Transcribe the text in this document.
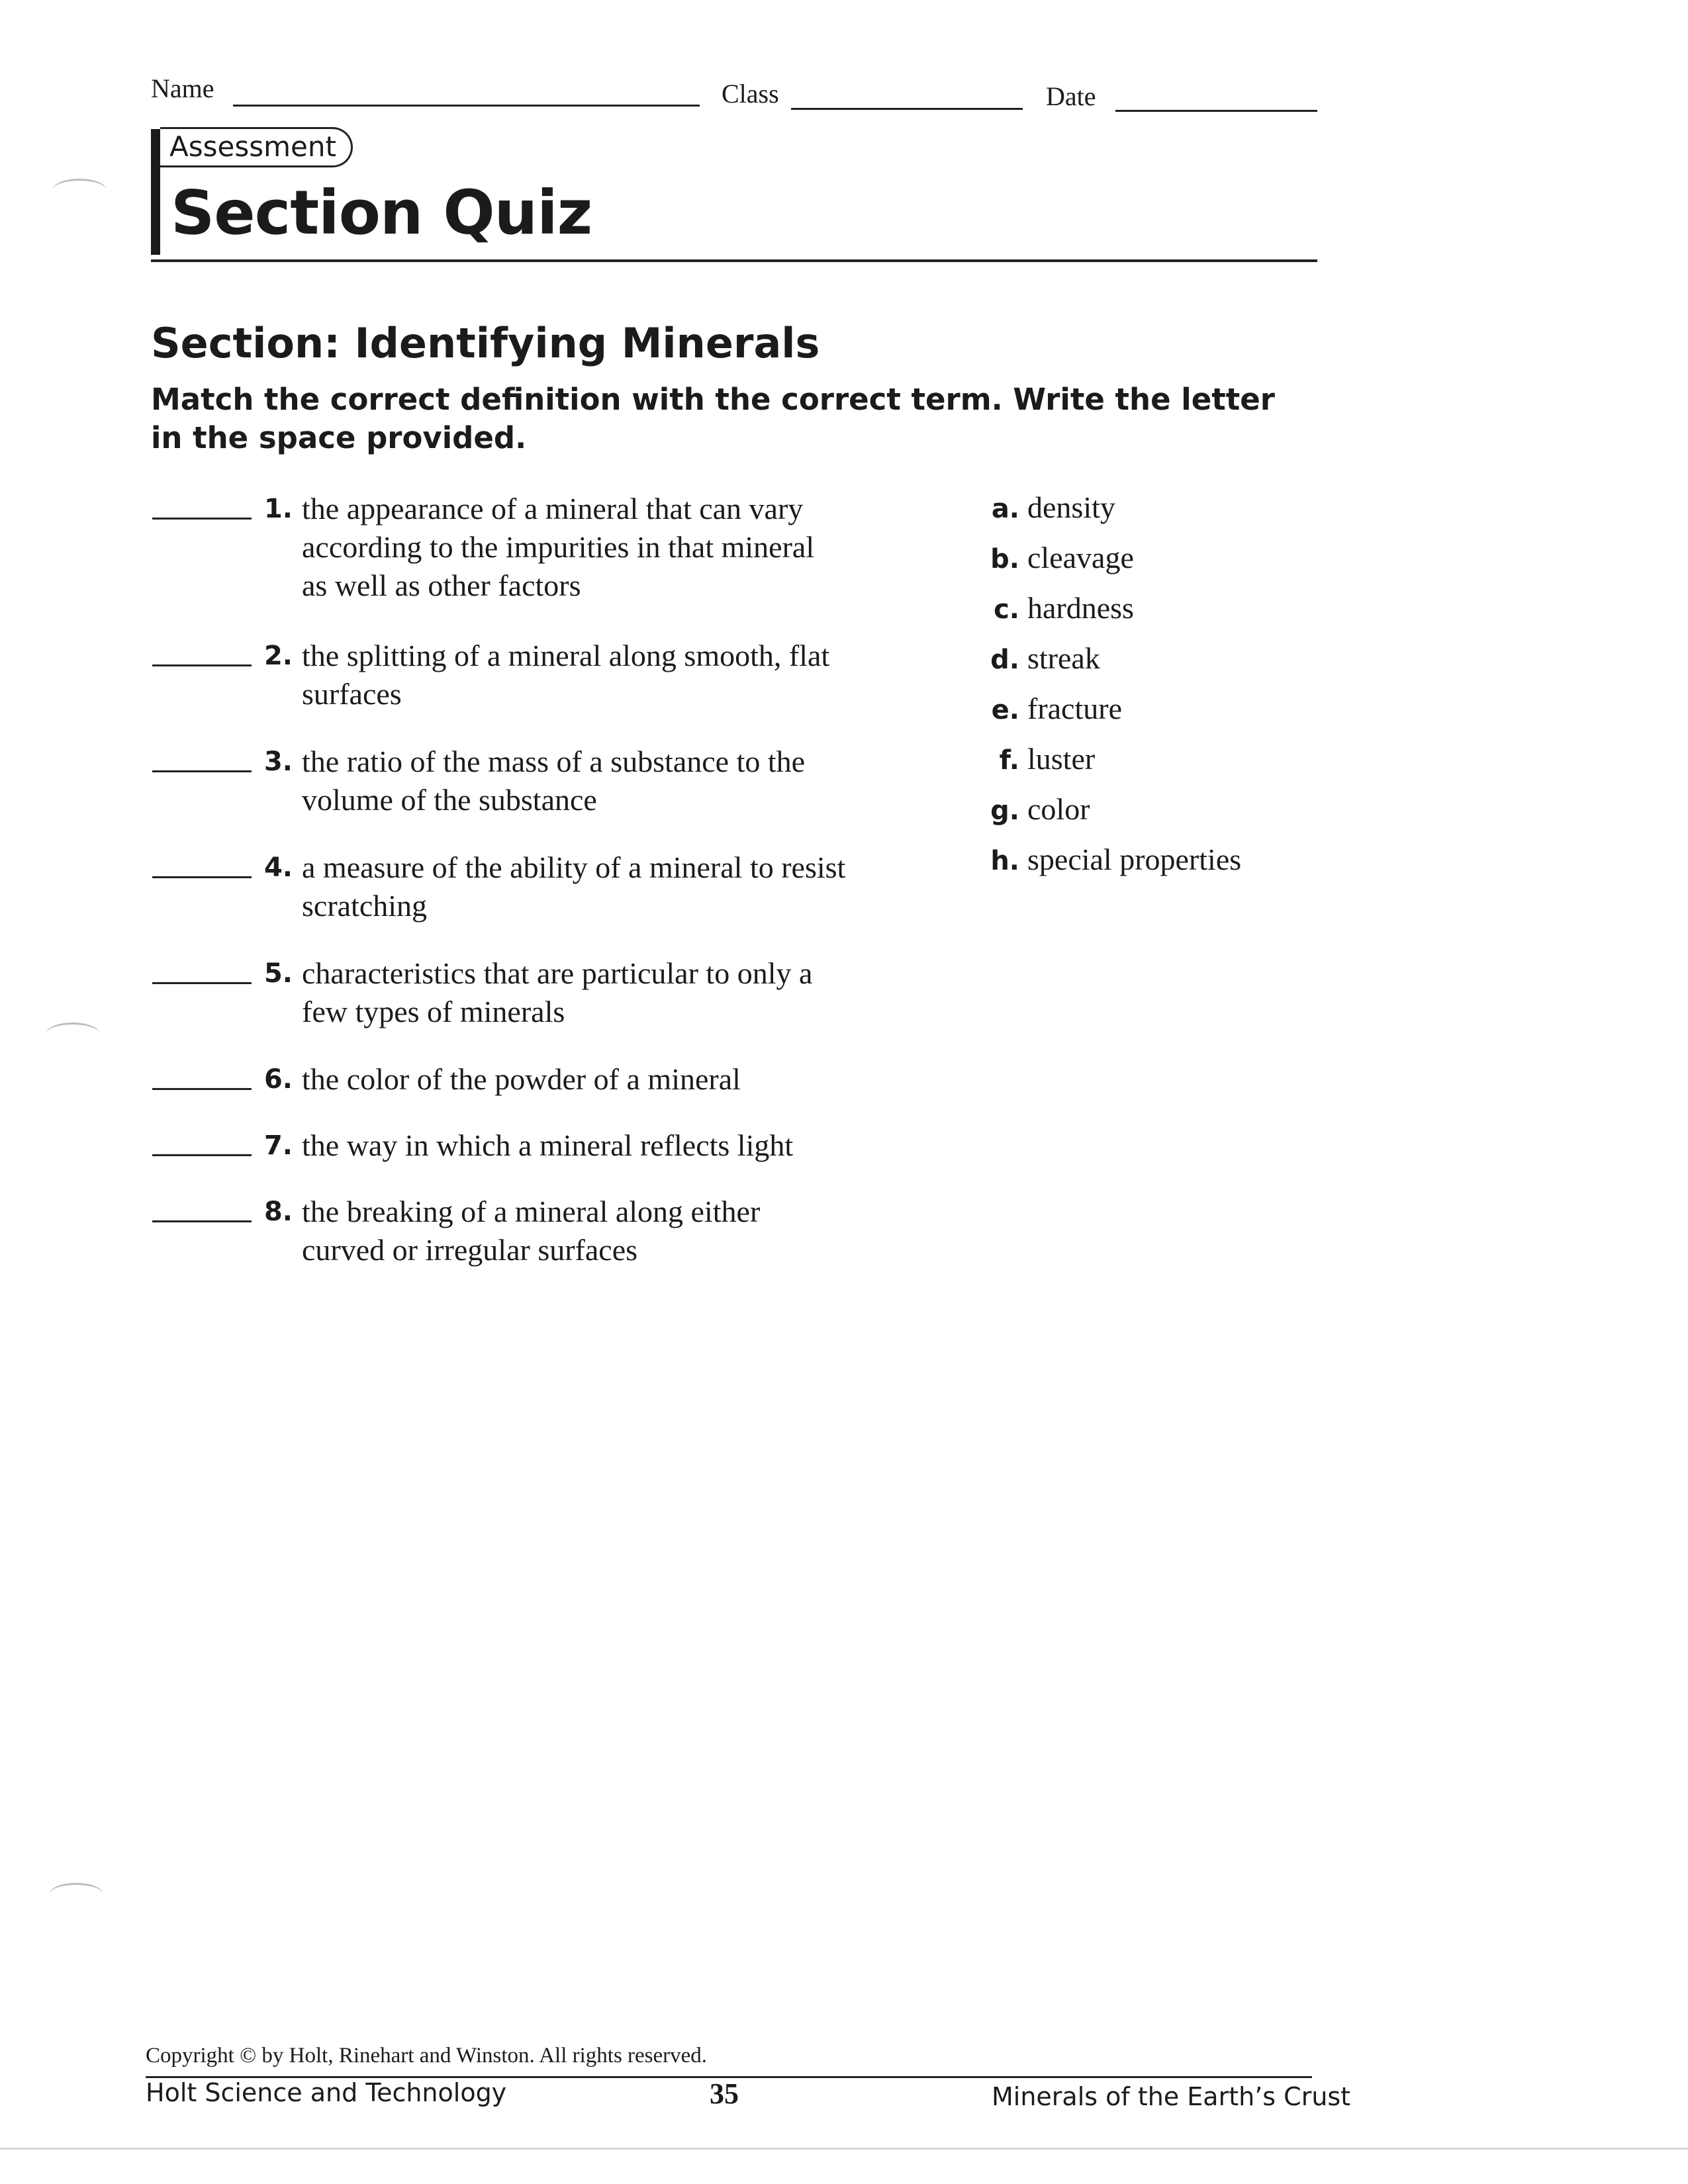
Name	Class	Date
Assessment
Section Quiz
Section: Identifying Minerals
Match the correct definition with the correct term. Write the letter in the space provided.
1. the appearance of a mineral that can vary
according to the impurities in that mineral
as well as other factors
2. the splitting of a mineral along smooth, flat
surfaces
3. the ratio of the mass of a substance to the
volume of the substance
4. a measure of the ability of a mineral to resist
scratching
5. characteristics that are particular to only a
few types of minerals
6. the color of the powder of a mineral
7. the way in which a mineral reflects light
8. the breaking of a mineral along either
curved or irregular surfaces
a. density
b. cleavage
c. hardness
d. streak
e. fracture
f. luster
g. color
h. special properties
Copyright © by Holt, Rinehart and Winston. All rights reserved.
Holt Science and Technology	35	Minerals of the Earth’s Crust
